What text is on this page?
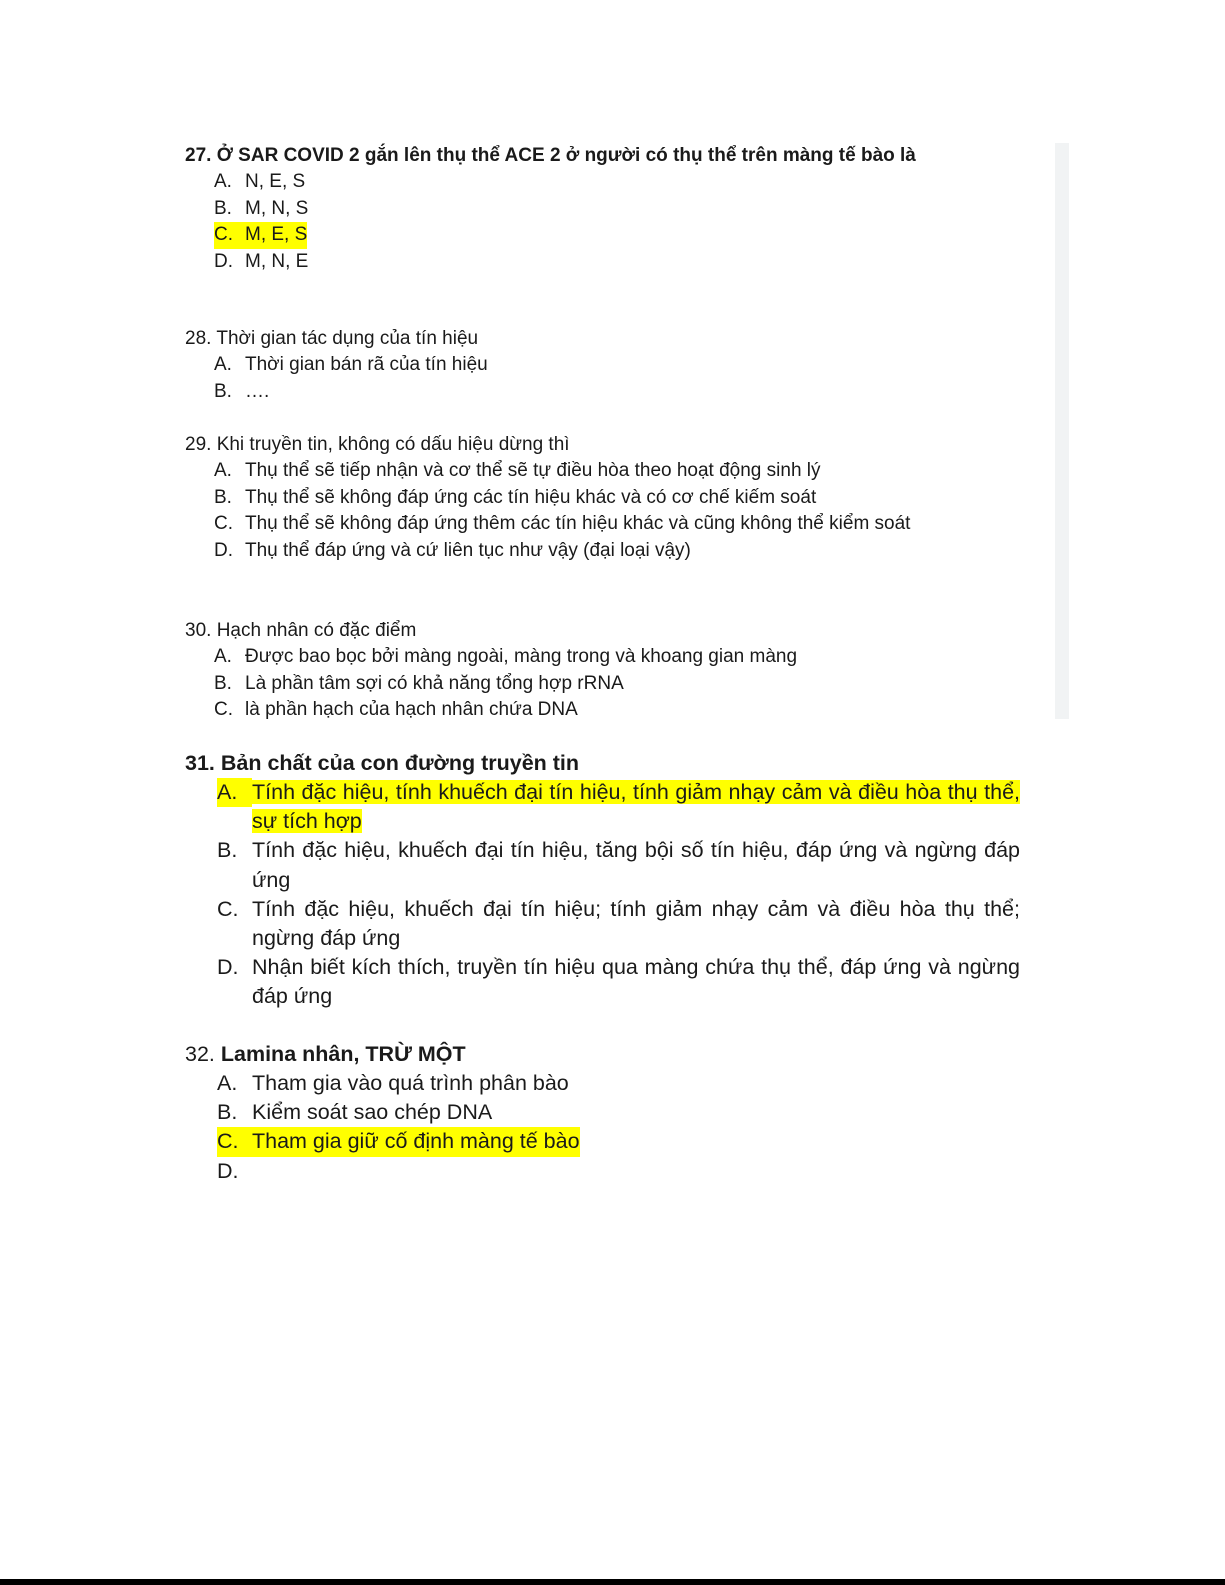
27. Ở SAR COVID 2 gắn lên thụ thể ACE 2 ở người có thụ thể trên màng tế bào là

A. N, E, S
B. M, N, S
C. M, E, S
D. M, N, E

28. Thời gian tác dụng của tín hiệu

A. Thời gian bán rã của tín hiệu
B. ….

29. Khi truyền tin, không có dấu hiệu dừng thì

A. Thụ thể sẽ tiếp nhận và cơ thể sẽ tự điều hòa theo hoạt động sinh lý
B. Thụ thể sẽ không đáp ứng các tín hiệu khác và có cơ chế kiếm soát
C. Thụ thể sẽ không đáp ứng thêm các tín hiệu khác và cũng không thể kiểm soát
D. Thụ thể đáp ứng và cứ liên tục như vậy (đại loại vậy)

30. Hạch nhân có đặc điểm

A. Được bao bọc bởi màng ngoài, màng trong và khoang gian màng
B. Là phần tâm sợi có khả năng tổng hợp rRNA
C. là phần hạch của hạch nhân chứa DNA

31. Bản chất của con đường truyền tin

A. Tính đặc hiệu, tính khuếch đại tín hiệu, tính giảm nhạy cảm và điều hòa thụ thể, sự tích hợp
B. Tính đặc hiệu, khuếch đại tín hiệu, tăng bội số tín hiệu, đáp ứng và ngừng đáp ứng
C. Tính đặc hiệu, khuếch đại tín hiệu; tính giảm nhạy cảm và điều hòa thụ thể; ngừng đáp ứng
D. Nhận biết kích thích, truyền tín hiệu qua màng chứa thụ thể, đáp ứng và ngừng đáp ứng

32. Lamina nhân, TRỪ MỘT

A. Tham gia vào quá trình phân bào
B. Kiểm soát sao chép DNA
C. Tham gia giữ cố định màng tế bào
D.
